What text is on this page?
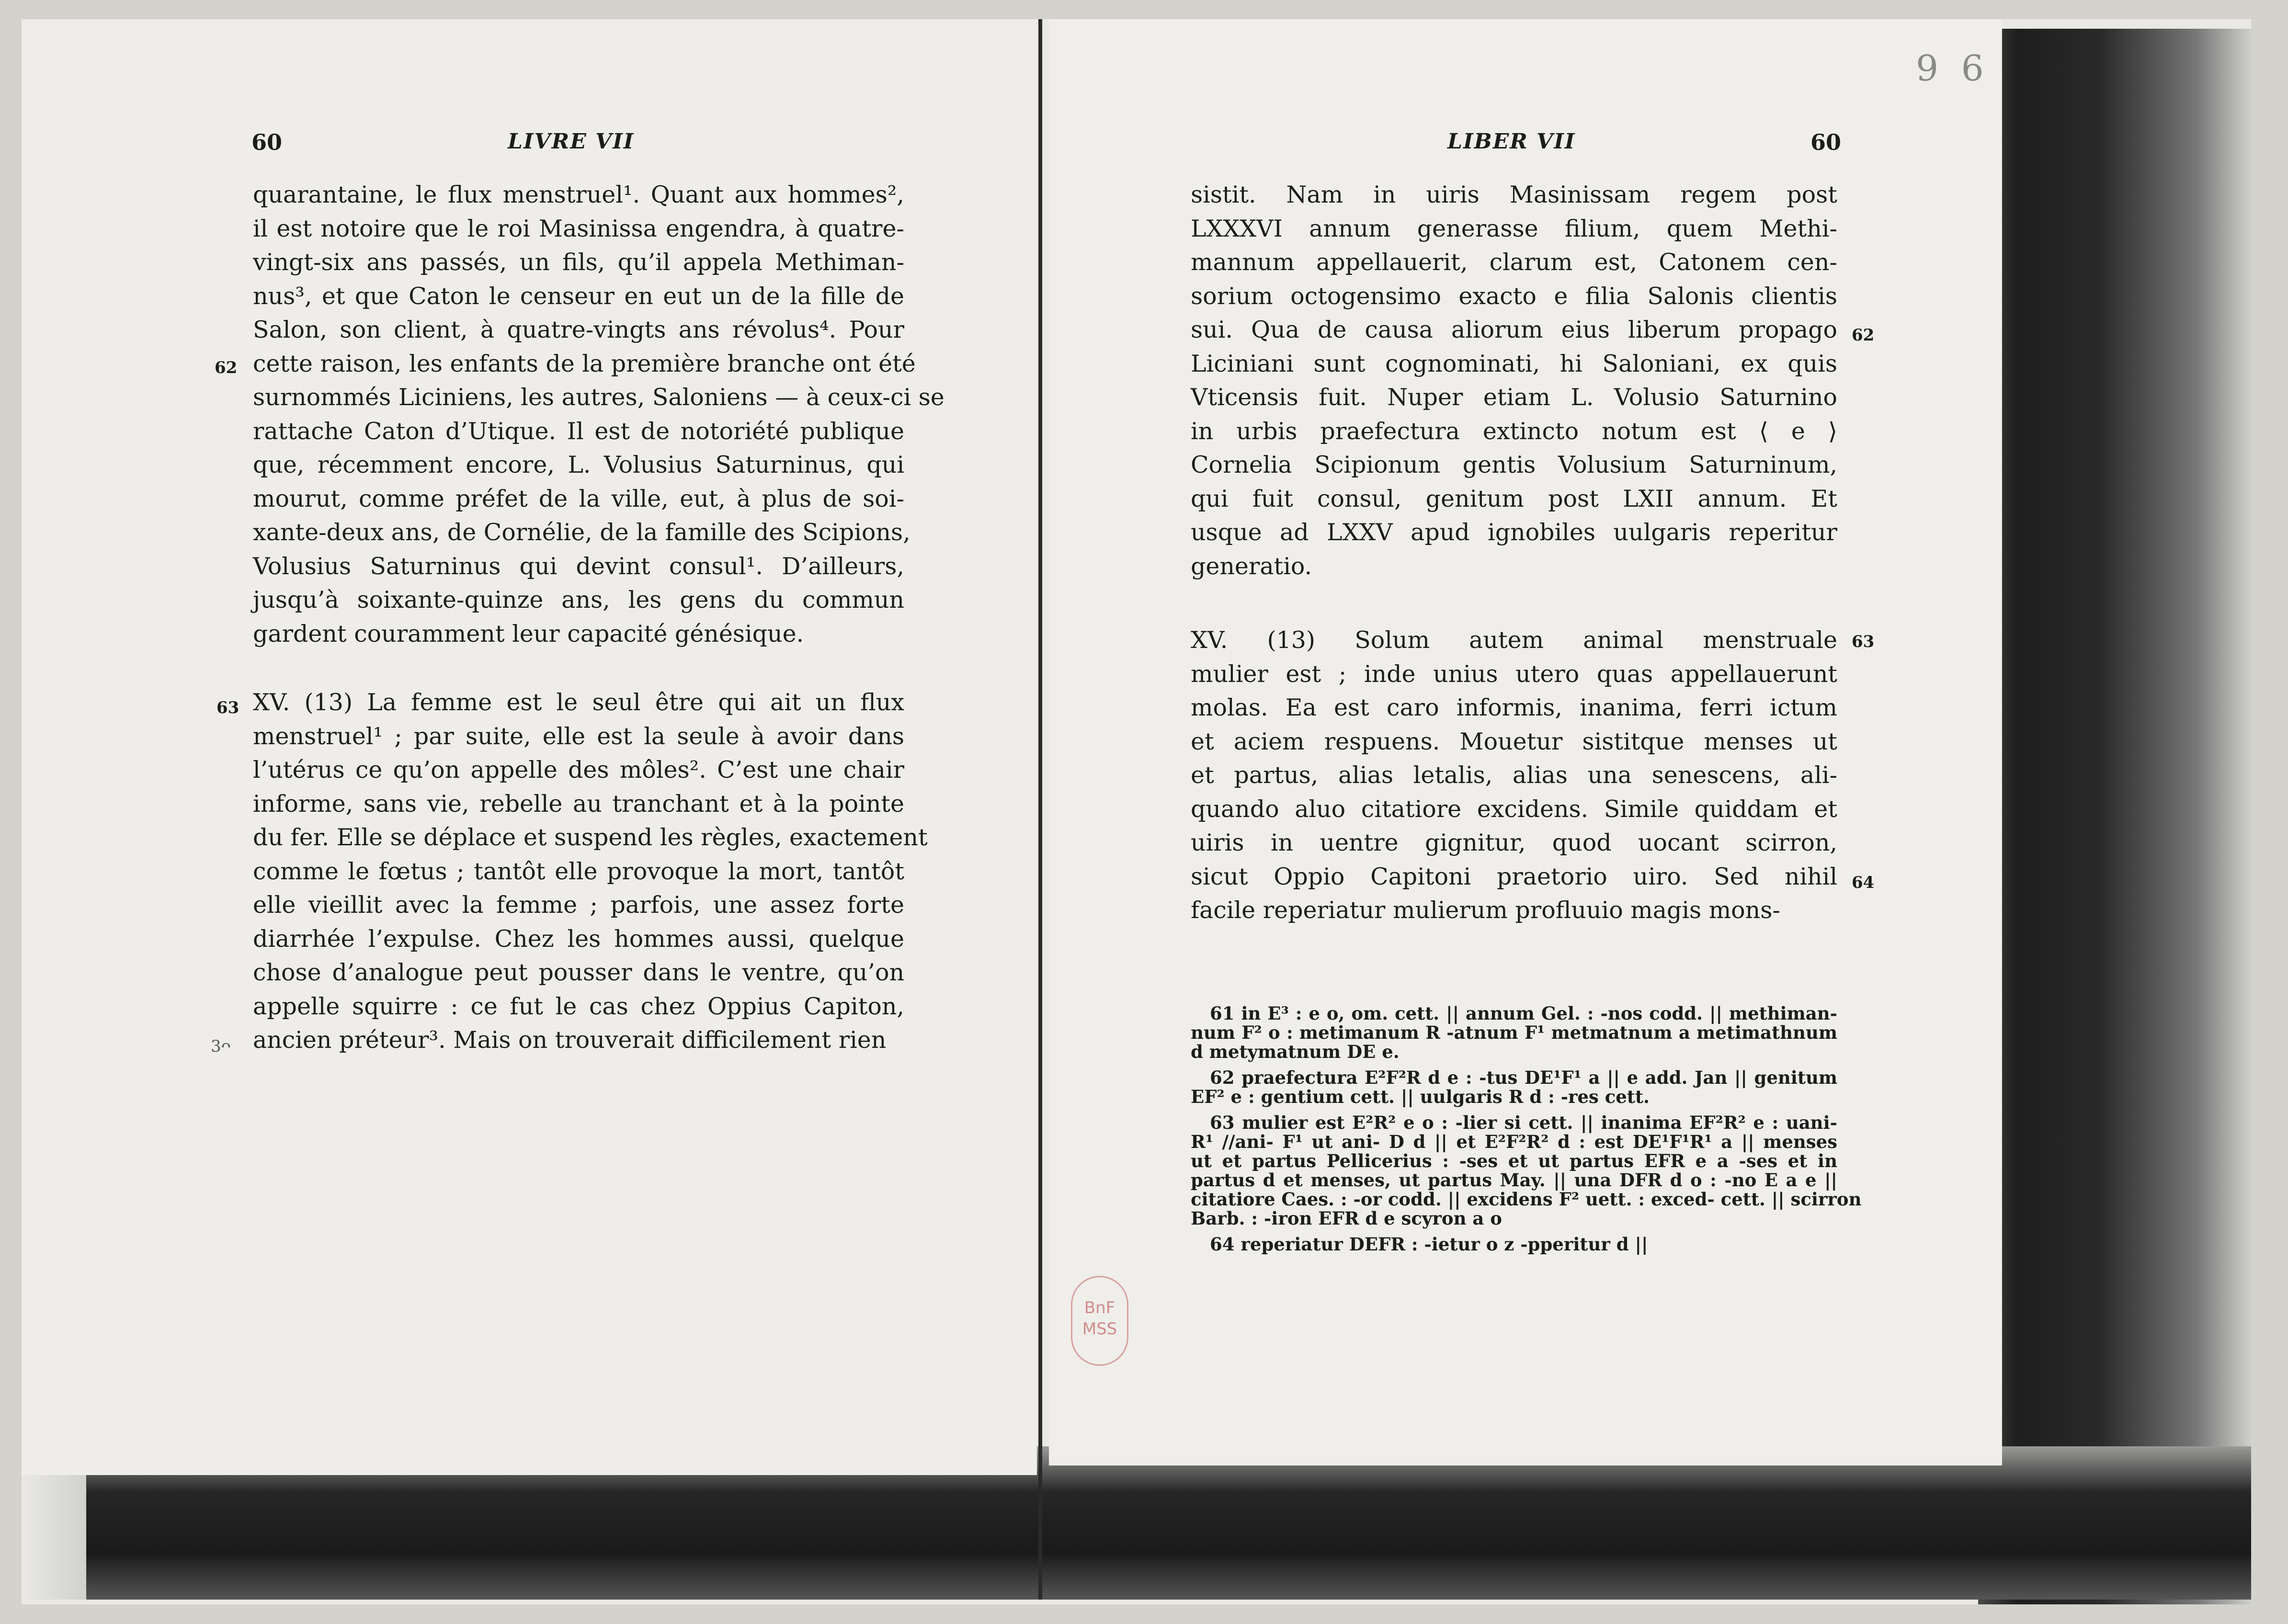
9 6
60	LIVRE VII
quarantaine, le flux menstruel¹. Quant aux hommes²,
il est notoire que le roi Masinissa engendra, à quatre-
vingt-six ans passés, un fils, qu’il appela Methiman-
nus³, et que Caton le censeur en eut un de la fille de
Salon, son client, à quatre-vingts ans révolus⁴. Pour
cette raison, les enfants de la première branche ont été
surnommés Liciniens, les autres, Saloniens — à ceux-ci se
rattache Caton d’Utique. Il est de notoriété publique
que, récemment encore, L. Volusius Saturninus, qui
mourut, comme préfet de la ville, eut, à plus de soi-
xante-deux ans, de Cornélie, de la famille des Scipions,
Volusius Saturninus qui devint consul¹. D’ailleurs,
jusqu’à soixante-quinze ans, les gens du commun
gardent couramment leur capacité génésique.
62
XV. (13) La femme est le seul être qui ait un flux
menstruel¹ ; par suite, elle est la seule à avoir dans
l’utérus ce qu’on appelle des môles². C’est une chair
informe, sans vie, rebelle au tranchant et à la pointe
du fer. Elle se déplace et suspend les règles, exactement
comme le fœtus ; tantôt elle provoque la mort, tantôt
elle vieillit avec la femme ; parfois, une assez forte
diarrhée l’expulse. Chez les hommes aussi, quelque
chose d’analogue peut pousser dans le ventre, qu’on
appelle squirre : ce fut le cas chez Oppius Capiton,
ancien préteur³. Mais on trouverait difficilement rien
63
3ᴖ
LIBER VII	60
sistit. Nam in uiris Masinissam regem post
LXXXVI annum generasse filium, quem Methi-
mannum appellauerit, clarum est, Catonem cen-
sorium octogensimo exacto e filia Salonis clientis
sui. Qua de causa aliorum eius liberum propago
Liciniani sunt cognominati, hi Saloniani, ex quis
Vticensis fuit. Nuper etiam L. Volusio Saturnino
in urbis praefectura extincto notum est ⟨ e ⟩
Cornelia Scipionum gentis Volusium Saturninum,
qui fuit consul, genitum post LXII annum. Et
usque ad LXXV apud ignobiles uulgaris reperitur
generatio.
62
XV. (13) Solum autem animal menstruale
mulier est ; inde unius utero quas appellauerunt
molas. Ea est caro informis, inanima, ferri ictum
et aciem respuens. Mouetur sistitque menses ut
et partus, alias letalis, alias una senescens, ali-
quando aluo citatiore excidens. Simile quiddam et
uiris in uentre gignitur, quod uocant scirron,
sicut Oppio Capitoni praetorio uiro. Sed nihil
facile reperiatur mulierum profluuio magis mons-
63
64
61 in E³ : e o, om. cett. || annum Gel. : -nos codd. || methiman-
num F² o : metimanum R -atnum F¹ metmatnum a metimathnum
d metymatnum DE e.
62 praefectura E²F²R d e : -tus DE¹F¹ a || e add. Jan || genitum
EF² e : gentium cett. || uulgaris R d : -res cett.
63 mulier est E²R² e o : -lier si cett. || inanima EF²R² e : uani-
R¹ //ani- F¹ ut ani- D d || et E²F²R² d : est DE¹F¹R¹ a || menses
ut et partus Pellicerius : -ses et ut partus EFR e a -ses et in
partus d et menses, ut partus May. || una DFR d o : -no E a e ||
citatiore Caes. : -or codd. || excidens F² uett. : exced- cett. || scirron
Barb. : -iron EFR d e scyron a o
64 reperiatur DEFR : -ietur o z -pperitur d ||
BnF
MSS
